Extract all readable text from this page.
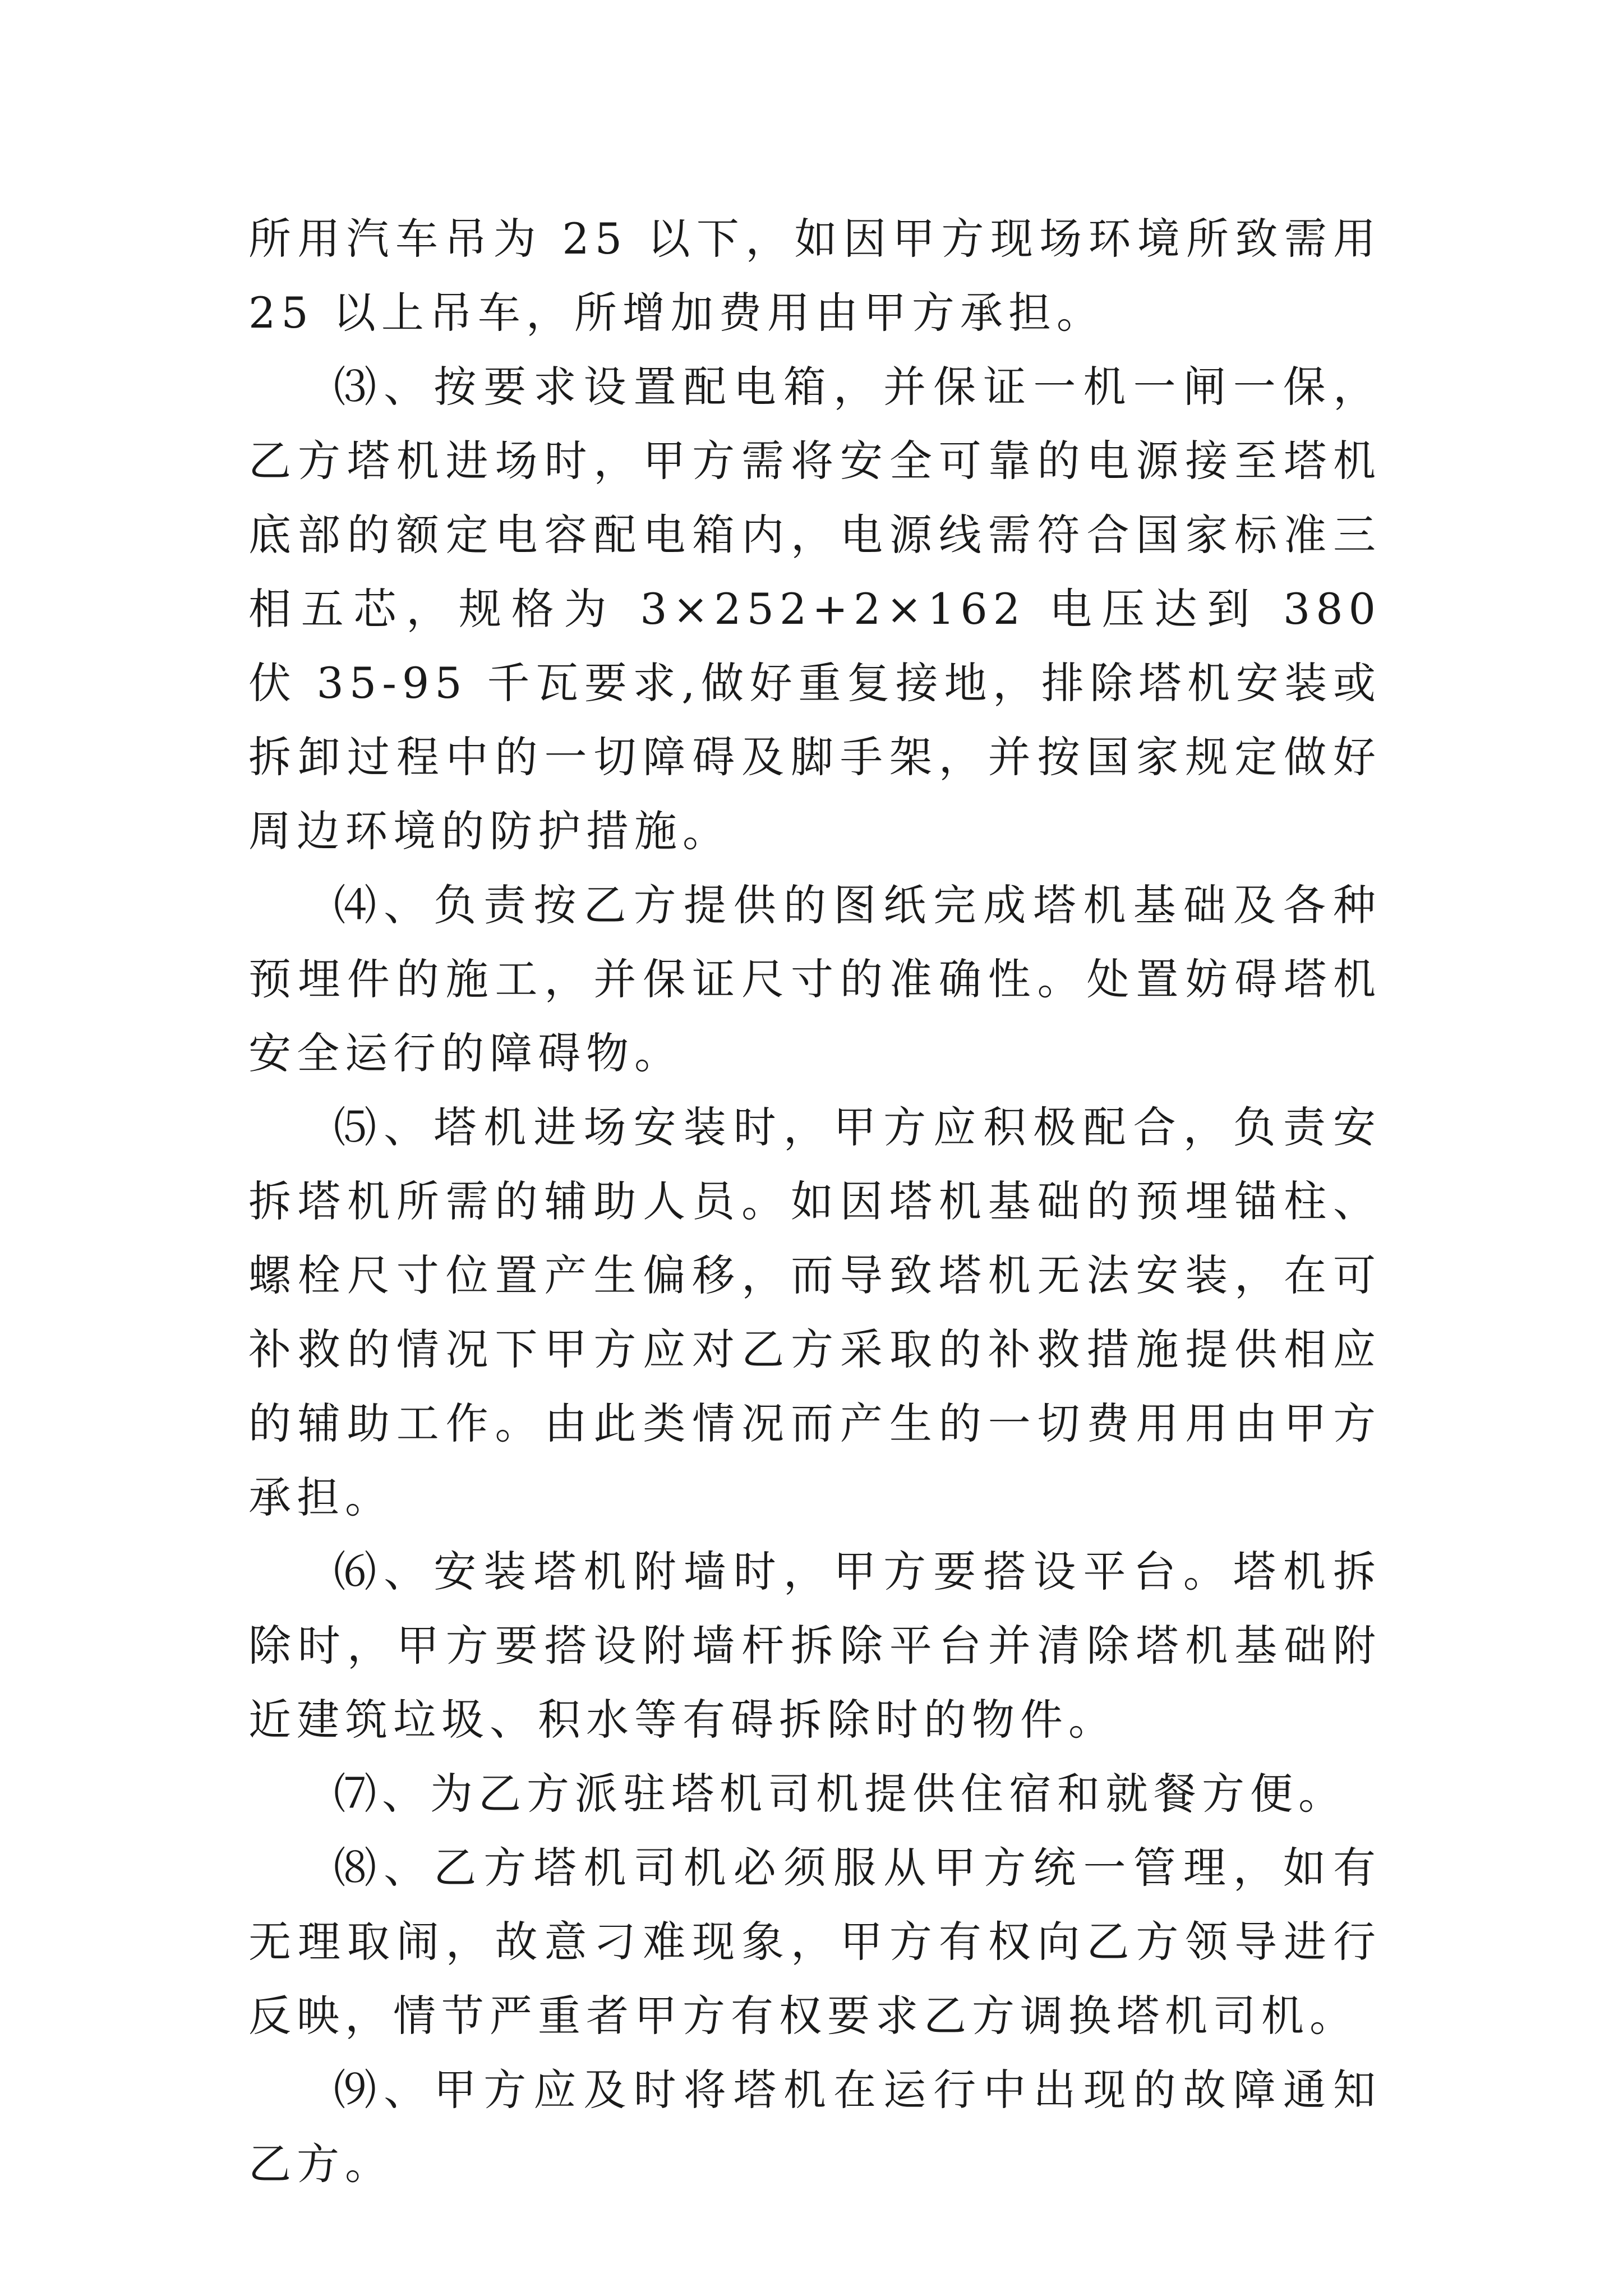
所用汽车吊为 25 以下，如因甲方现场环境所致需用 25 以上吊车，所增加费用由甲方承担。

⑶、按要求设置配电箱，并保证一机一闸一保，乙方塔机进场时，甲方需将安全可靠的电源接至塔机底部的额定电容配电箱内，电源线需符合国家标准三相五芯，规格为 3×252+2×162 电压达到 380 伏 35-95 千瓦要求,做好重复接地，排除塔机安装或拆卸过程中的一切障碍及脚手架，并按国家规定做好周边环境的防护措施。

⑷、负责按乙方提供的图纸完成塔机基础及各种预埋件的施工，并保证尺寸的准确性。处置妨碍塔机安全运行的障碍物。

⑸、塔机进场安装时，甲方应积极配合，负责安拆塔机所需的辅助人员。如因塔机基础的预埋锚柱、螺栓尺寸位置产生偏移，而导致塔机无法安装，在可补救的情况下甲方应对乙方采取的补救措施提供相应的辅助工作。由此类情况而产生的一切费用用由甲方承担。

⑹、安装塔机附墙时，甲方要搭设平台。塔机拆除时，甲方要搭设附墙杆拆除平台并清除塔机基础附近建筑垃圾、积水等有碍拆除时的物件。

⑺、为乙方派驻塔机司机提供住宿和就餐方便。

⑻、乙方塔机司机必须服从甲方统一管理，如有无理取闹，故意刁难现象，甲方有权向乙方领导进行反映，情节严重者甲方有权要求乙方调换塔机司机。

⑼、甲方应及时将塔机在运行中出现的故障通知乙方。
